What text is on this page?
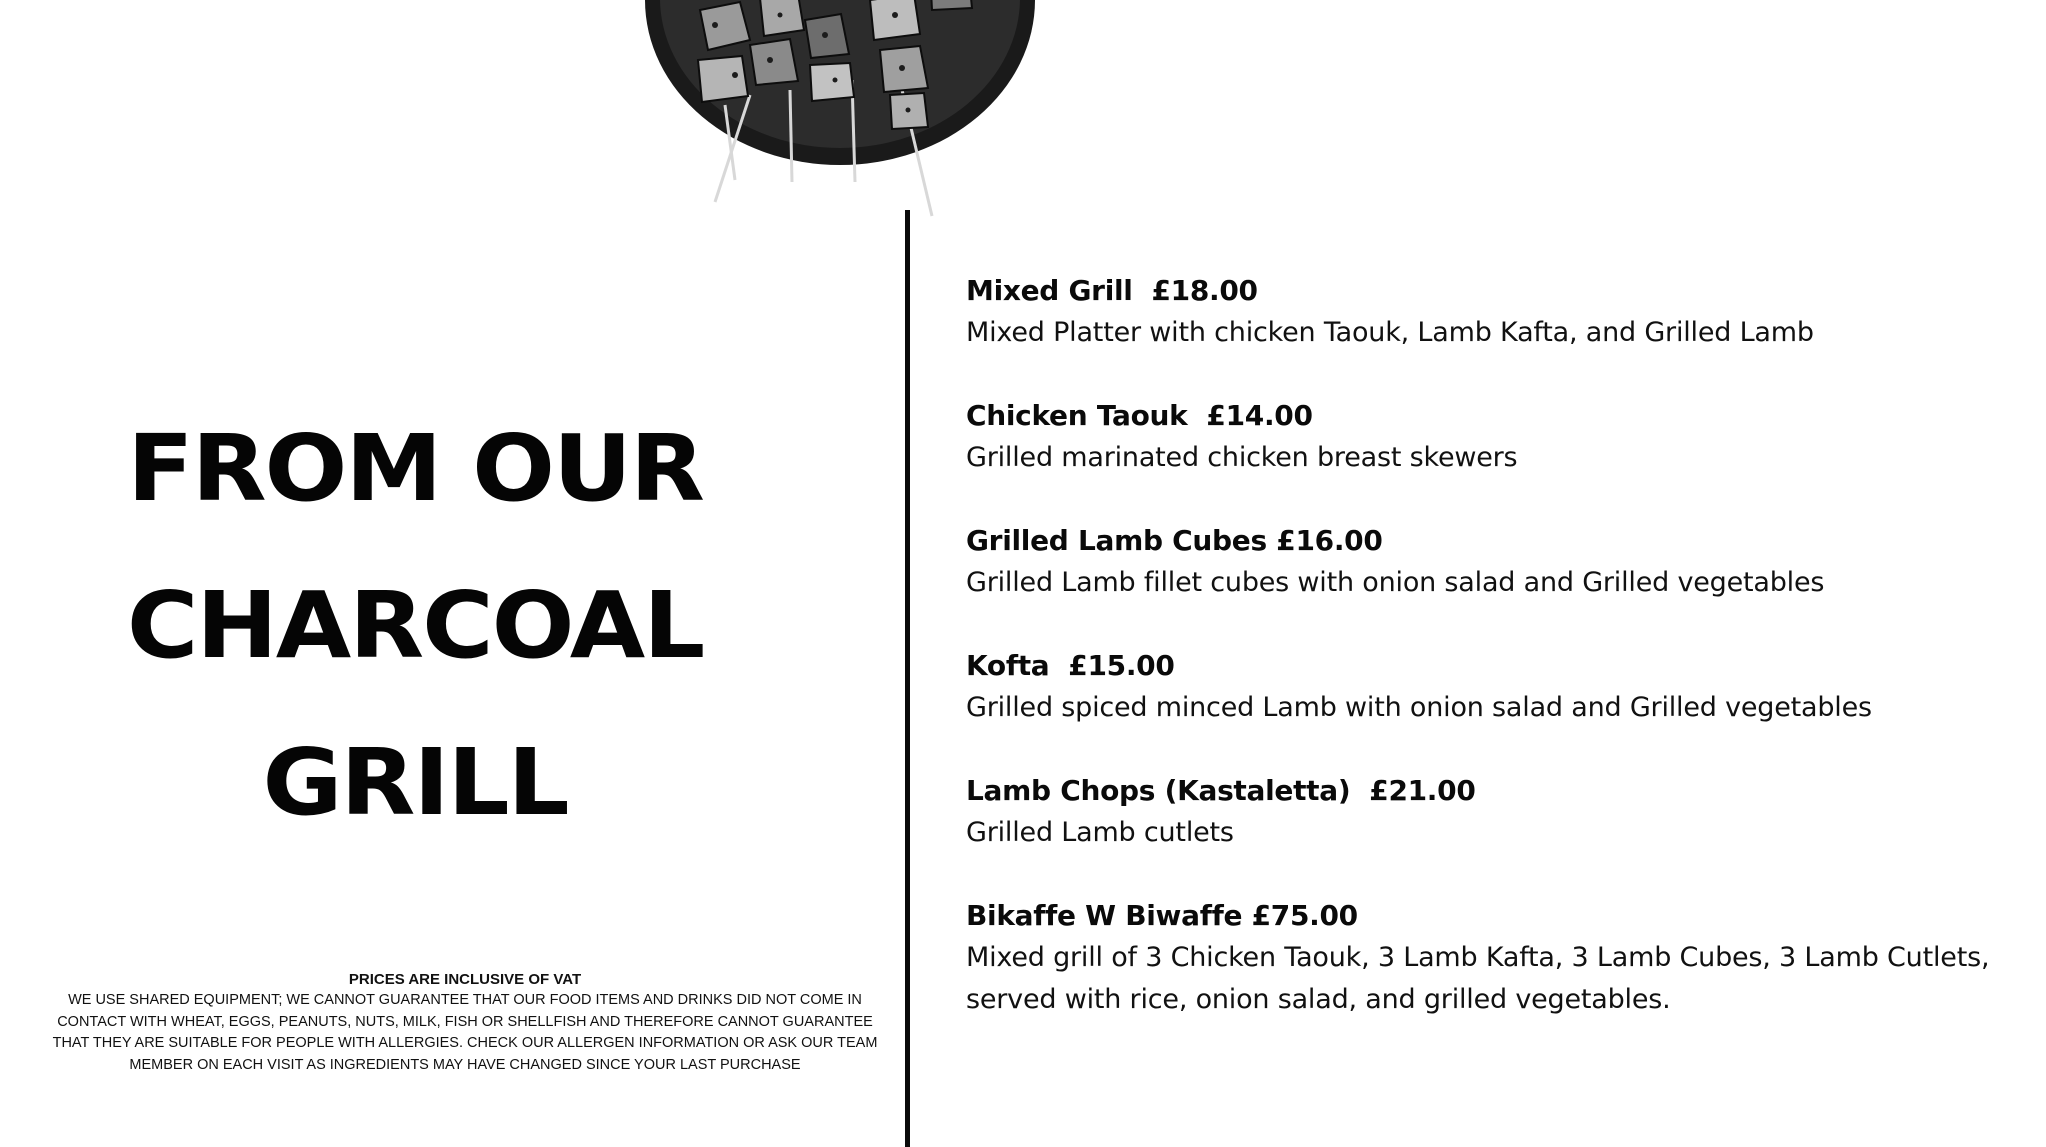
FROM OUR
CHARCOAL
GRILL
PRICES ARE INCLUSIVE OF VAT
WE USE SHARED EQUIPMENT; WE CANNOT GUARANTEE THAT OUR FOOD ITEMS AND DRINKS DID NOT COME IN CONTACT WITH WHEAT, EGGS, PEANUTS, NUTS, MILK, FISH OR SHELLFISH AND THEREFORE CANNOT GUARANTEE THAT THEY ARE SUITABLE FOR PEOPLE WITH ALLERGIES. CHECK OUR ALLERGEN INFORMATION OR ASK OUR TEAM MEMBER ON EACH VISIT AS INGREDIENTS MAY HAVE CHANGED SINCE YOUR LAST PURCHASE
Mixed Grill  £18.00
Mixed Platter with chicken Taouk, Lamb Kafta, and Grilled Lamb
Chicken Taouk  £14.00
Grilled marinated chicken breast skewers
Grilled Lamb Cubes £16.00
Grilled Lamb fillet cubes with onion salad and Grilled vegetables
Kofta  £15.00
Grilled spiced minced Lamb with onion salad and Grilled vegetables
Lamb Chops (Kastaletta)  £21.00
Grilled Lamb cutlets
Bikaffe W Biwaffe £75.00
Mixed grill of 3 Chicken Taouk, 3 Lamb Kafta, 3 Lamb Cubes, 3 Lamb Cutlets, served with rice, onion salad, and grilled vegetables.
